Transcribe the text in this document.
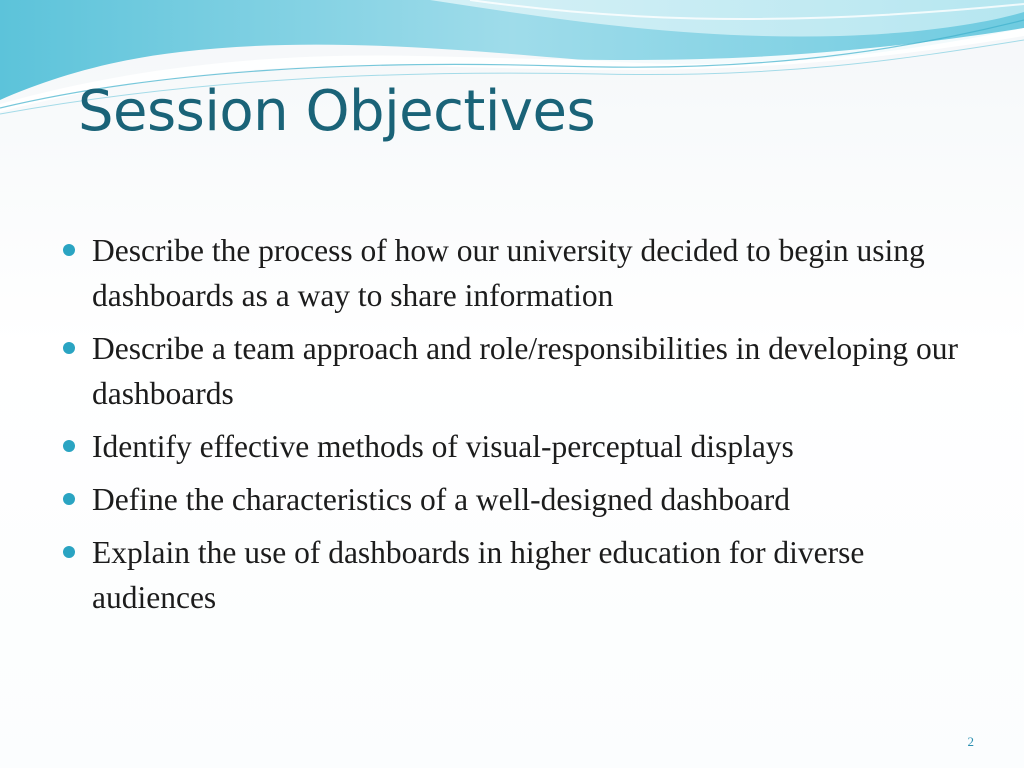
Session Objectives
Describe the process of how our university decided to begin using dashboards as a way to share information
Describe a team approach and role/responsibilities in developing our dashboards
Identify effective methods of visual-perceptual displays
Define the characteristics of a well-designed dashboard
Explain the use of dashboards in higher education for diverse audiences
2
